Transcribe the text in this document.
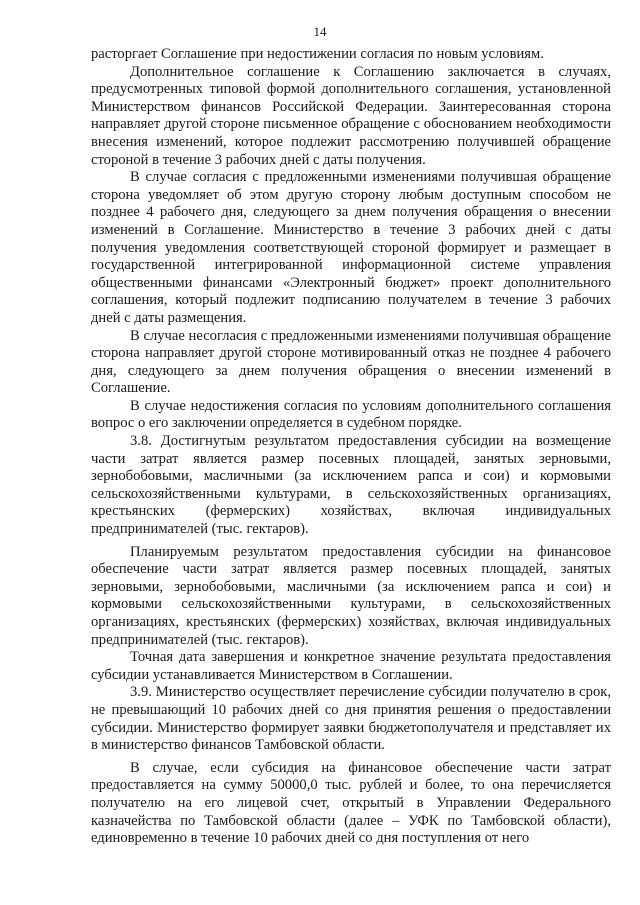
14

расторгает Соглашение при недостижении согласия по новым условиям.

Дополнительное соглашение к Соглашению заключается в случаях, предусмотренных типовой формой дополнительного соглашения, установленной Министерством финансов Российской Федерации. Заинтересованная сторона направляет другой стороне письменное обращение с обоснованием необходимости внесения изменений, которое подлежит рассмотрению получившей обращение стороной в течение 3 рабочих дней с даты получения.

В случае согласия с предложенными изменениями получившая обращение сторона уведомляет об этом другую сторону любым доступным способом не позднее 4 рабочего дня, следующего за днем получения обращения о внесении изменений в Соглашение. Министерство в течение 3 рабочих дней с даты получения уведомления соответствующей стороной формирует и размещает в государственной интегрированной информационной системе управления общественными финансами «Электронный бюджет» проект дополнительного соглашения, который подлежит подписанию получателем в течение 3 рабочих дней с даты размещения.

В случае несогласия с предложенными изменениями получившая обращение сторона направляет другой стороне мотивированный отказ не позднее 4 рабочего дня, следующего за днем получения обращения о внесении изменений в Соглашение.

В случае недостижения согласия по условиям дополнительного соглашения вопрос о его заключении определяется в судебном порядке.

3.8. Достигнутым результатом предоставления субсидии на возмещение части затрат является размер посевных площадей, занятых зерновыми, зернобобовыми, масличными (за исключением рапса и сои) и кормовыми сельскохозяйственными культурами, в сельскохозяйственных организациях, крестьянских (фермерских) хозяйствах, включая индивидуальных предпринимателей (тыс. гектаров).

Планируемым результатом предоставления субсидии на финансовое обеспечение части затрат является размер посевных площадей, занятых зерновыми, зернобобовыми, масличными (за исключением рапса и сои) и кормовыми сельскохозяйственными культурами, в сельскохозяйственных организациях, крестьянских (фермерских) хозяйствах, включая индивидуальных предпринимателей (тыс. гектаров).

Точная дата завершения и конкретное значение результата предоставления субсидии устанавливается Министерством в Соглашении.

3.9. Министерство осуществляет перечисление субсидии получателю в срок, не превышающий 10 рабочих дней со дня принятия решения о предоставлении субсидии. Министерство формирует заявки бюджетополучателя и представляет их в министерство финансов Тамбовской области.

В случае, если субсидия на финансовое обеспечение части затрат предоставляется на сумму 50000,0 тыс. рублей и более, то она перечисляется получателю на его лицевой счет, открытый в Управлении Федерального казначейства по Тамбовской области (далее – УФК по Тамбовской области), единовременно в течение 10 рабочих дней со дня поступления от него
